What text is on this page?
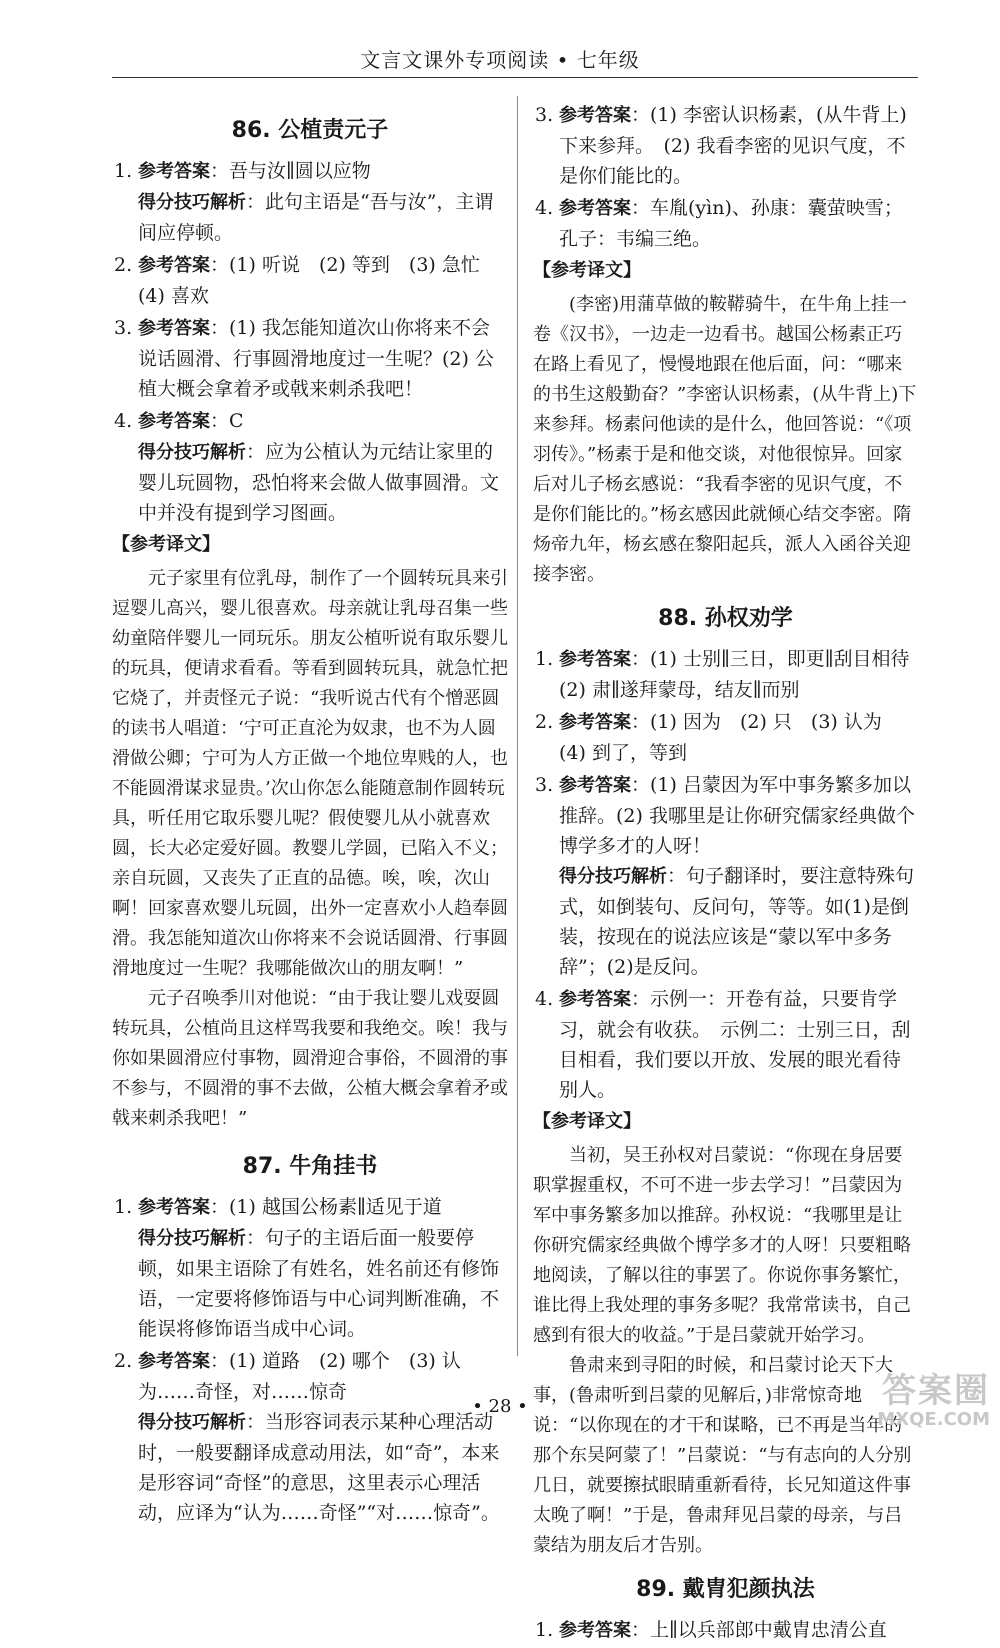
文言文课外专项阅读 • 七年级
86. 公植责元子
1. 参考答案：吾与汝∥圆以应物
得分技巧解析：此句主语是“吾与汝”，主谓间应停顿。
2. 参考答案：(1) 听说　(2) 等到　(3) 急忙　(4) 喜欢
3. 参考答案：(1) 我怎能知道次山你将来不会说话圆滑、行事圆滑地度过一生呢？(2) 公植大概会拿着矛或戟来刺杀我吧！
4. 参考答案：C
得分技巧解析：应为公植认为元结让家里的婴儿玩圆物，恐怕将来会做人做事圆滑。文中并没有提到学习图画。
【参考译文】

元子家里有位乳母，制作了一个圆转玩具来引逗婴儿高兴，婴儿很喜欢。母亲就让乳母召集一些幼童陪伴婴儿一同玩乐。朋友公植听说有取乐婴儿的玩具，便请求看看。等看到圆转玩具，就急忙把它烧了，并责怪元子说：“我听说古代有个憎恶圆的读书人唱道：‘宁可正直沦为奴隶，也不为人圆滑做公卿；宁可为人方正做一个地位卑贱的人，也不能圆滑谋求显贵。’次山你怎么能随意制作圆转玩具，听任用它取乐婴儿呢？假使婴儿从小就喜欢圆，长大必定爱好圆。教婴儿学圆，已陷入不义；亲自玩圆，又丧失了正直的品德。唉，唉，次山啊！回家喜欢婴儿玩圆，出外一定喜欢小人趋奉圆滑。我怎能知道次山你将来不会说话圆滑、行事圆滑地度过一生呢？我哪能做次山的朋友啊！”

元子召唤季川对他说：“由于我让婴儿戏耍圆转玩具，公植尚且这样骂我要和我绝交。唉！我与你如果圆滑应付事物，圆滑迎合事俗，不圆滑的事不参与，不圆滑的事不去做，公植大概会拿着矛或戟来刺杀我吧！”

87. 牛角挂书
1. 参考答案：(1) 越国公杨素∥适见于道
得分技巧解析：句子的主语后面一般要停顿，如果主语除了有姓名，姓名前还有修饰语，一定要将修饰语与中心词判断准确，不能误将修饰语当成中心词。
2. 参考答案：(1) 道路　(2) 哪个　(3) 认为……奇怪，对……惊奇
得分技巧解析：当形容词表示某种心理活动时，一般要翻译成意动用法，如“奇”，本来是形容词“奇怪”的意思，这里表示心理活动，应译为“认为……奇怪”“对……惊奇”。
3. 参考答案：(1) 李密认识杨素，(从牛背上)下来参拜。　(2) 我看李密的见识气度，不是你们能比的。
4. 参考答案：车胤(yìn)、孙康：囊萤映雪；孔子：韦编三绝。
【参考译文】

(李密)用蒲草做的鞍鞯骑牛，在牛角上挂一卷《汉书》，一边走一边看书。越国公杨素正巧在路上看见了，慢慢地跟在他后面，问：“哪来的书生这般勤奋？”李密认识杨素，(从牛背上)下来参拜。杨素问他读的是什么，他回答说：“《项羽传》。”杨素于是和他交谈，对他很惊异。回家后对儿子杨玄感说：“我看李密的见识气度，不是你们能比的。”杨玄感因此就倾心结交李密。隋炀帝九年，杨玄感在黎阳起兵，派人入函谷关迎接李密。

88. 孙权劝学
1. 参考答案：(1) 士别∥三日，即更∥刮目相待　(2) 肃∥遂拜蒙母，结友∥而别
2. 参考答案：(1) 因为　(2) 只　(3) 认为　(4) 到了，等到
3. 参考答案：(1) 吕蒙因为军中事务繁多加以推辞。(2) 我哪里是让你研究儒家经典做个博学多才的人呀！
得分技巧解析：句子翻译时，要注意特殊句式，如倒装句、反问句，等等。如(1)是倒装，按现在的说法应该是“蒙以军中多务辞”；(2)是反问。
4. 参考答案：示例一：开卷有益，只要肯学习，就会有收获。　示例二：士别三日，刮目相看，我们要以开放、发展的眼光看待别人。
【参考译文】

当初，吴王孙权对吕蒙说：“你现在身居要职掌握重权，不可不进一步去学习！”吕蒙因为军中事务繁多加以推辞。孙权说：“我哪里是让你研究儒家经典做个博学多才的人呀！只要粗略地阅读，了解以往的事罢了。你说你事务繁忙，谁比得上我处理的事务多呢？我常常读书，自己感到有很大的收益。”于是吕蒙就开始学习。

鲁肃来到寻阳的时候，和吕蒙讨论天下大事，(鲁肃听到吕蒙的见解后，)非常惊奇地说：“以你现在的才干和谋略，已不再是当年的那个东吴阿蒙了！”吕蒙说：“与有志向的人分别几日，就要擦拭眼睛重新看待，长兄知道这件事太晚了啊！”于是，鲁肃拜见吕蒙的母亲，与吕蒙结为朋友后才告别。

89. 戴胄犯颜执法
1. 参考答案：上∥以兵部郎中戴胄忠清公直
• 28 •	答案圈
MXQE.COM
